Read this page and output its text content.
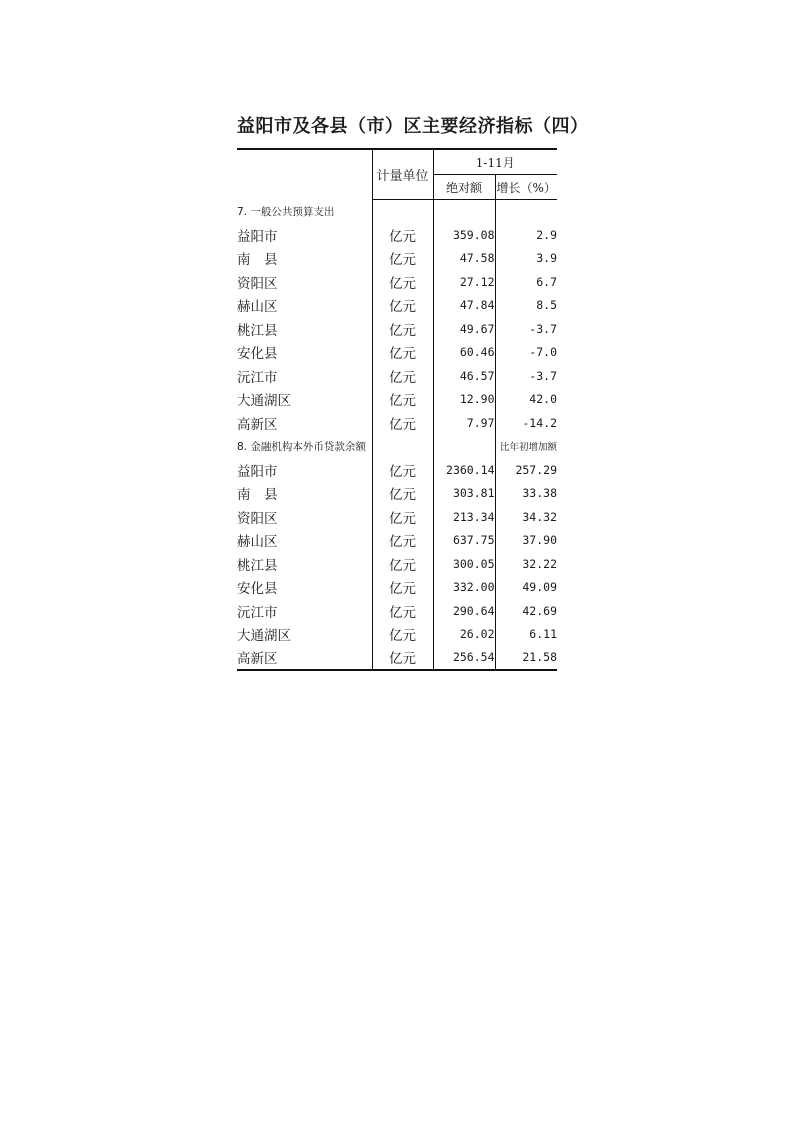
益阳市及各县（市）区主要经济指标（四）
	计量单位	1-11月	
		绝对额	增长（%）
7. 一般公共预算支出			
益阳市	亿元	359.08	2.9
南　县	亿元	47.58	3.9
资阳区	亿元	27.12	6.7
赫山区	亿元	47.84	8.5
桃江县	亿元	49.67	-3.7
安化县	亿元	60.46	-7.0
沅江市	亿元	46.57	-3.7
大通湖区	亿元	12.90	42.0
高新区	亿元	7.97	-14.2
8. 金融机构本外币贷款余额			比年初增加额
益阳市	亿元	2360.14	257.29
南　县	亿元	303.81	33.38
资阳区	亿元	213.34	34.32
赫山区	亿元	637.75	37.90
桃江县	亿元	300.05	32.22
安化县	亿元	332.00	49.09
沅江市	亿元	290.64	42.69
大通湖区	亿元	26.02	6.11
高新区	亿元	256.54	21.58
